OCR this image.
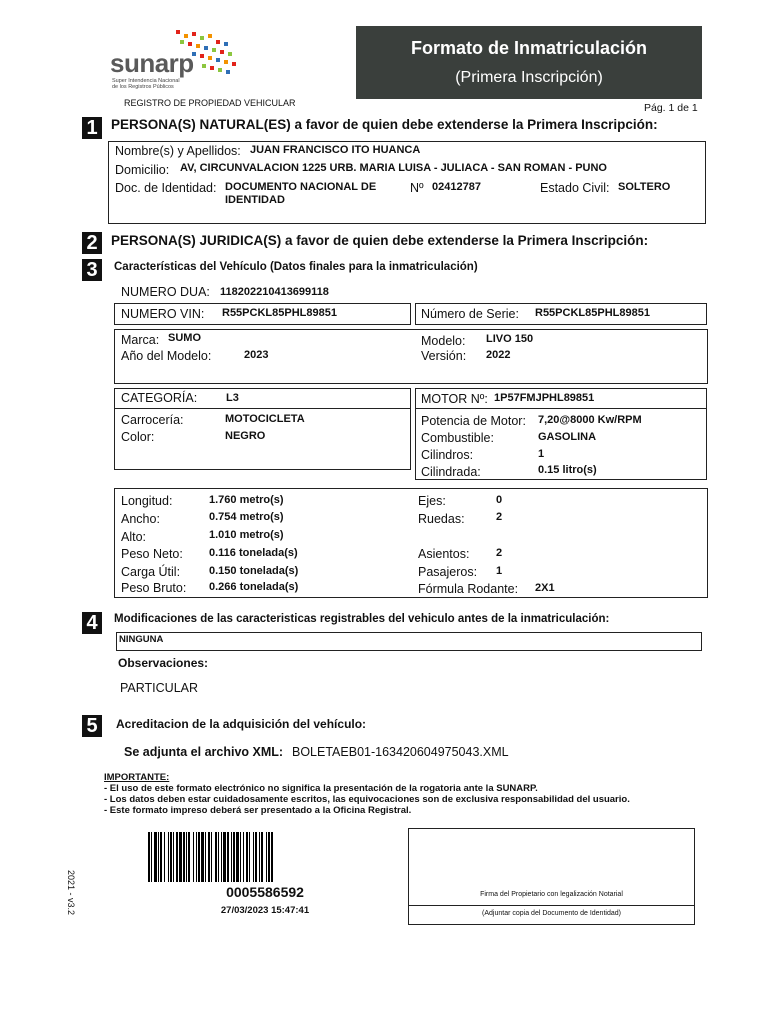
sunarp
Super Intendencia Nacional
de los Registros Públicos
REGISTRO DE PROPIEDAD VEHICULAR
Formato de Inmatriculación
(Primera Inscripción)
Pág. 1 de 1
1 PERSONA(S) NATURAL(ES) a favor de quien debe extenderse la Primera Inscripción:
Nombre(s) y Apellidos: JUAN FRANCISCO ITO HUANCA
Domicilio: AV, CIRCUNVALACION 1225 URB. MARIA LUISA - JULIACA - SAN ROMAN - PUNO
Doc. de Identidad: DOCUMENTO NACIONAL DE
IDENTIDAD
Nº 02412787	Estado Civil: SOLTERO
2 PERSONA(S) JURIDICA(S) a favor de quien debe extenderse la Primera Inscripción:
3	Características del Vehículo (Datos finales para la inmatriculación)
NUMERO DUA: 118202210413699118
NUMERO VIN: R55PCKL85PHL89851	Número de Serie: R55PCKL85PHL89851
Marca: SUMO
Año del Modelo:	2023
Modelo: LIVO 150
Versión: 2022
CATEGORÍA:	L3
Carrocería:	MOTOCICLETA
Color:	NEGRO
MOTOR Nº: 1P57FMJPHL89851
Potencia de Motor: 7,20@8000 Kw/RPM
Combustible:	GASOLINA
Cilindros:	1
Cilindrada:	0.15 litro(s)
Longitud:	1.760 metro(s)
Ancho:	0.754 metro(s)
Alto:	1.010 metro(s)
Peso Neto: 0.116 tonelada(s)
Carga Útil:	0.150 tonelada(s)
Peso Bruto: 0.266 tonelada(s)
Ejes:	0
Ruedas:	2
Asientos: 2
Pasajeros: 1
Fórmula Rodante: 2X1
4	Modificaciones de las caracteristicas registrables del vehiculo antes de la inmatriculación:
NINGUNA
Observaciones:
PARTICULAR
5	Acreditacion de la adquisición del vehículo:
Se adjunta el archivo XML: BOLETAEB01-163420604975043.XML
IMPORTANTE:
- El uso de este formato electrónico no significa la presentación de la rogatoria ante la SUNARP.
- Los datos deben estar cuidadosamente escritos, las equivocaciones son de exclusiva responsabilidad del usuario.
- Este formato impreso deberá ser presentado a la Oficina Registral.
2021 - v3.2	0005586592
27/03/2023 15:47:41
Firma del Propietario con legalización Notarial
(Adjuntar copia del Documento de Identidad)
